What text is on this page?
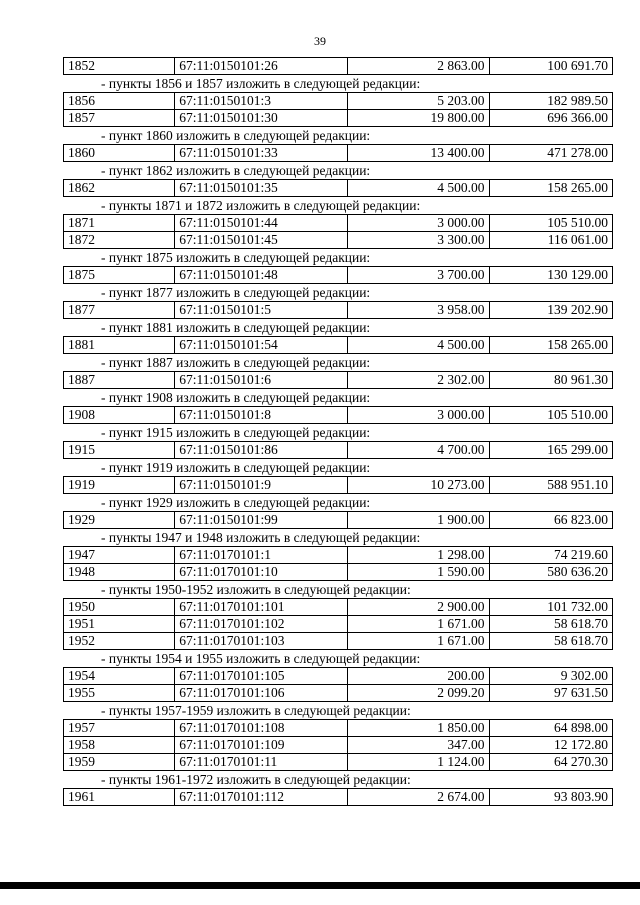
39
1852	67:11:0150101:26	2 863.00	100 691.70
- пункты 1856 и 1857 изложить в следующей редакции:
1856	67:11:0150101:3	5 203.00	182 989.50
1857	67:11:0150101:30	19 800.00	696 366.00
- пункт 1860 изложить в следующей редакции:
1860	67:11:0150101:33	13 400.00	471 278.00
- пункт 1862 изложить в следующей редакции:
1862	67:11:0150101:35	4 500.00	158 265.00
- пункты 1871 и 1872 изложить в следующей редакции:
1871	67:11:0150101:44	3 000.00	105 510.00
1872	67:11:0150101:45	3 300.00	116 061.00
- пункт 1875 изложить в следующей редакции:
1875	67:11:0150101:48	3 700.00	130 129.00
- пункт 1877 изложить в следующей редакции:
1877	67:11:0150101:5	3 958.00	139 202.90
- пункт 1881 изложить в следующей редакции:
1881	67:11:0150101:54	4 500.00	158 265.00
- пункт 1887 изложить в следующей редакции:
1887	67:11:0150101:6	2 302.00	80 961.30
- пункт 1908 изложить в следующей редакции:
1908	67:11:0150101:8	3 000.00	105 510.00
- пункт 1915 изложить в следующей редакции:
1915	67:11:0150101:86	4 700.00	165 299.00
- пункт 1919 изложить в следующей редакции:
1919	67:11:0150101:9	10 273.00	588 951.10
- пункт 1929 изложить в следующей редакции:
1929	67:11:0150101:99	1 900.00	66 823.00
- пункты 1947 и 1948 изложить в следующей редакции:
1947	67:11:0170101:1	1 298.00	74 219.60
1948	67:11:0170101:10	1 590.00	580 636.20
- пункты 1950-1952 изложить в следующей редакции:
1950	67:11:0170101:101	2 900.00	101 732.00
1951	67:11:0170101:102	1 671.00	58 618.70
1952	67:11:0170101:103	1 671.00	58 618.70
- пункты 1954 и 1955 изложить в следующей редакции:
1954	67:11:0170101:105	200.00	9 302.00
1955	67:11:0170101:106	2 099.20	97 631.50
- пункты 1957-1959 изложить в следующей редакции:
1957	67:11:0170101:108	1 850.00	64 898.00
1958	67:11:0170101:109	347.00	12 172.80
1959	67:11:0170101:11	1 124.00	64 270.30
- пункты 1961-1972 изложить в следующей редакции:
1961	67:11:0170101:112	2 674.00	93 803.90
